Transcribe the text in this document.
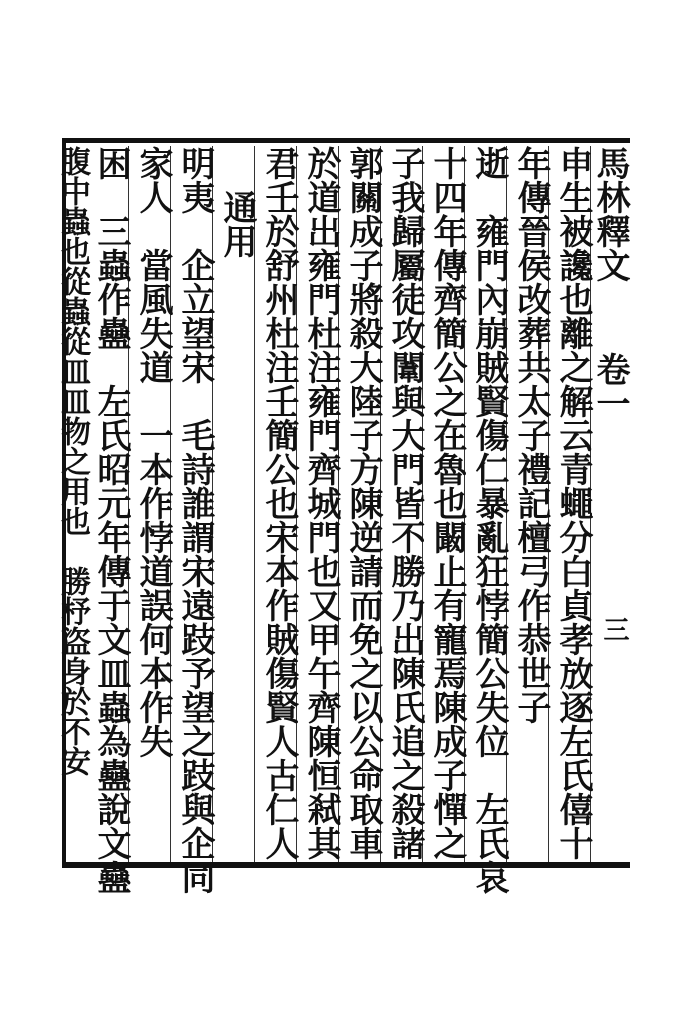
馬林釋文
卷一
三
申生被讒也離之解云青蠅分白貞孝放逐左氏僖十
年傳晉侯改葬共太子禮記檀弓作恭世子
逝　雍門內崩賊賢傷仁暴亂狂悖簡公失位　左氏哀
十四年傳齊簡公之在魯也闞止有寵焉陳成子憚之
子我歸屬徒攻闈與大門皆不勝乃出陳氏追之殺諸
郭關成子將殺大陸子方陳逆請而免之以公命取車
於道出雍門杜注雍門齊城門也又甲午齊陳恒弒其
君壬於舒州杜注壬簡公也宋本作賊傷賢人古仁人
通用
明夷　企立望宋　毛詩誰謂宋遠跂予望之跂與企同
家人　當風失道　一本作悖道誤何本作失
困　三蟲作蠱　左氏昭元年傳于文皿蟲為蠱說文蠱
腹中蟲也從蟲從皿皿物之用也　勝杼盜身於不安
